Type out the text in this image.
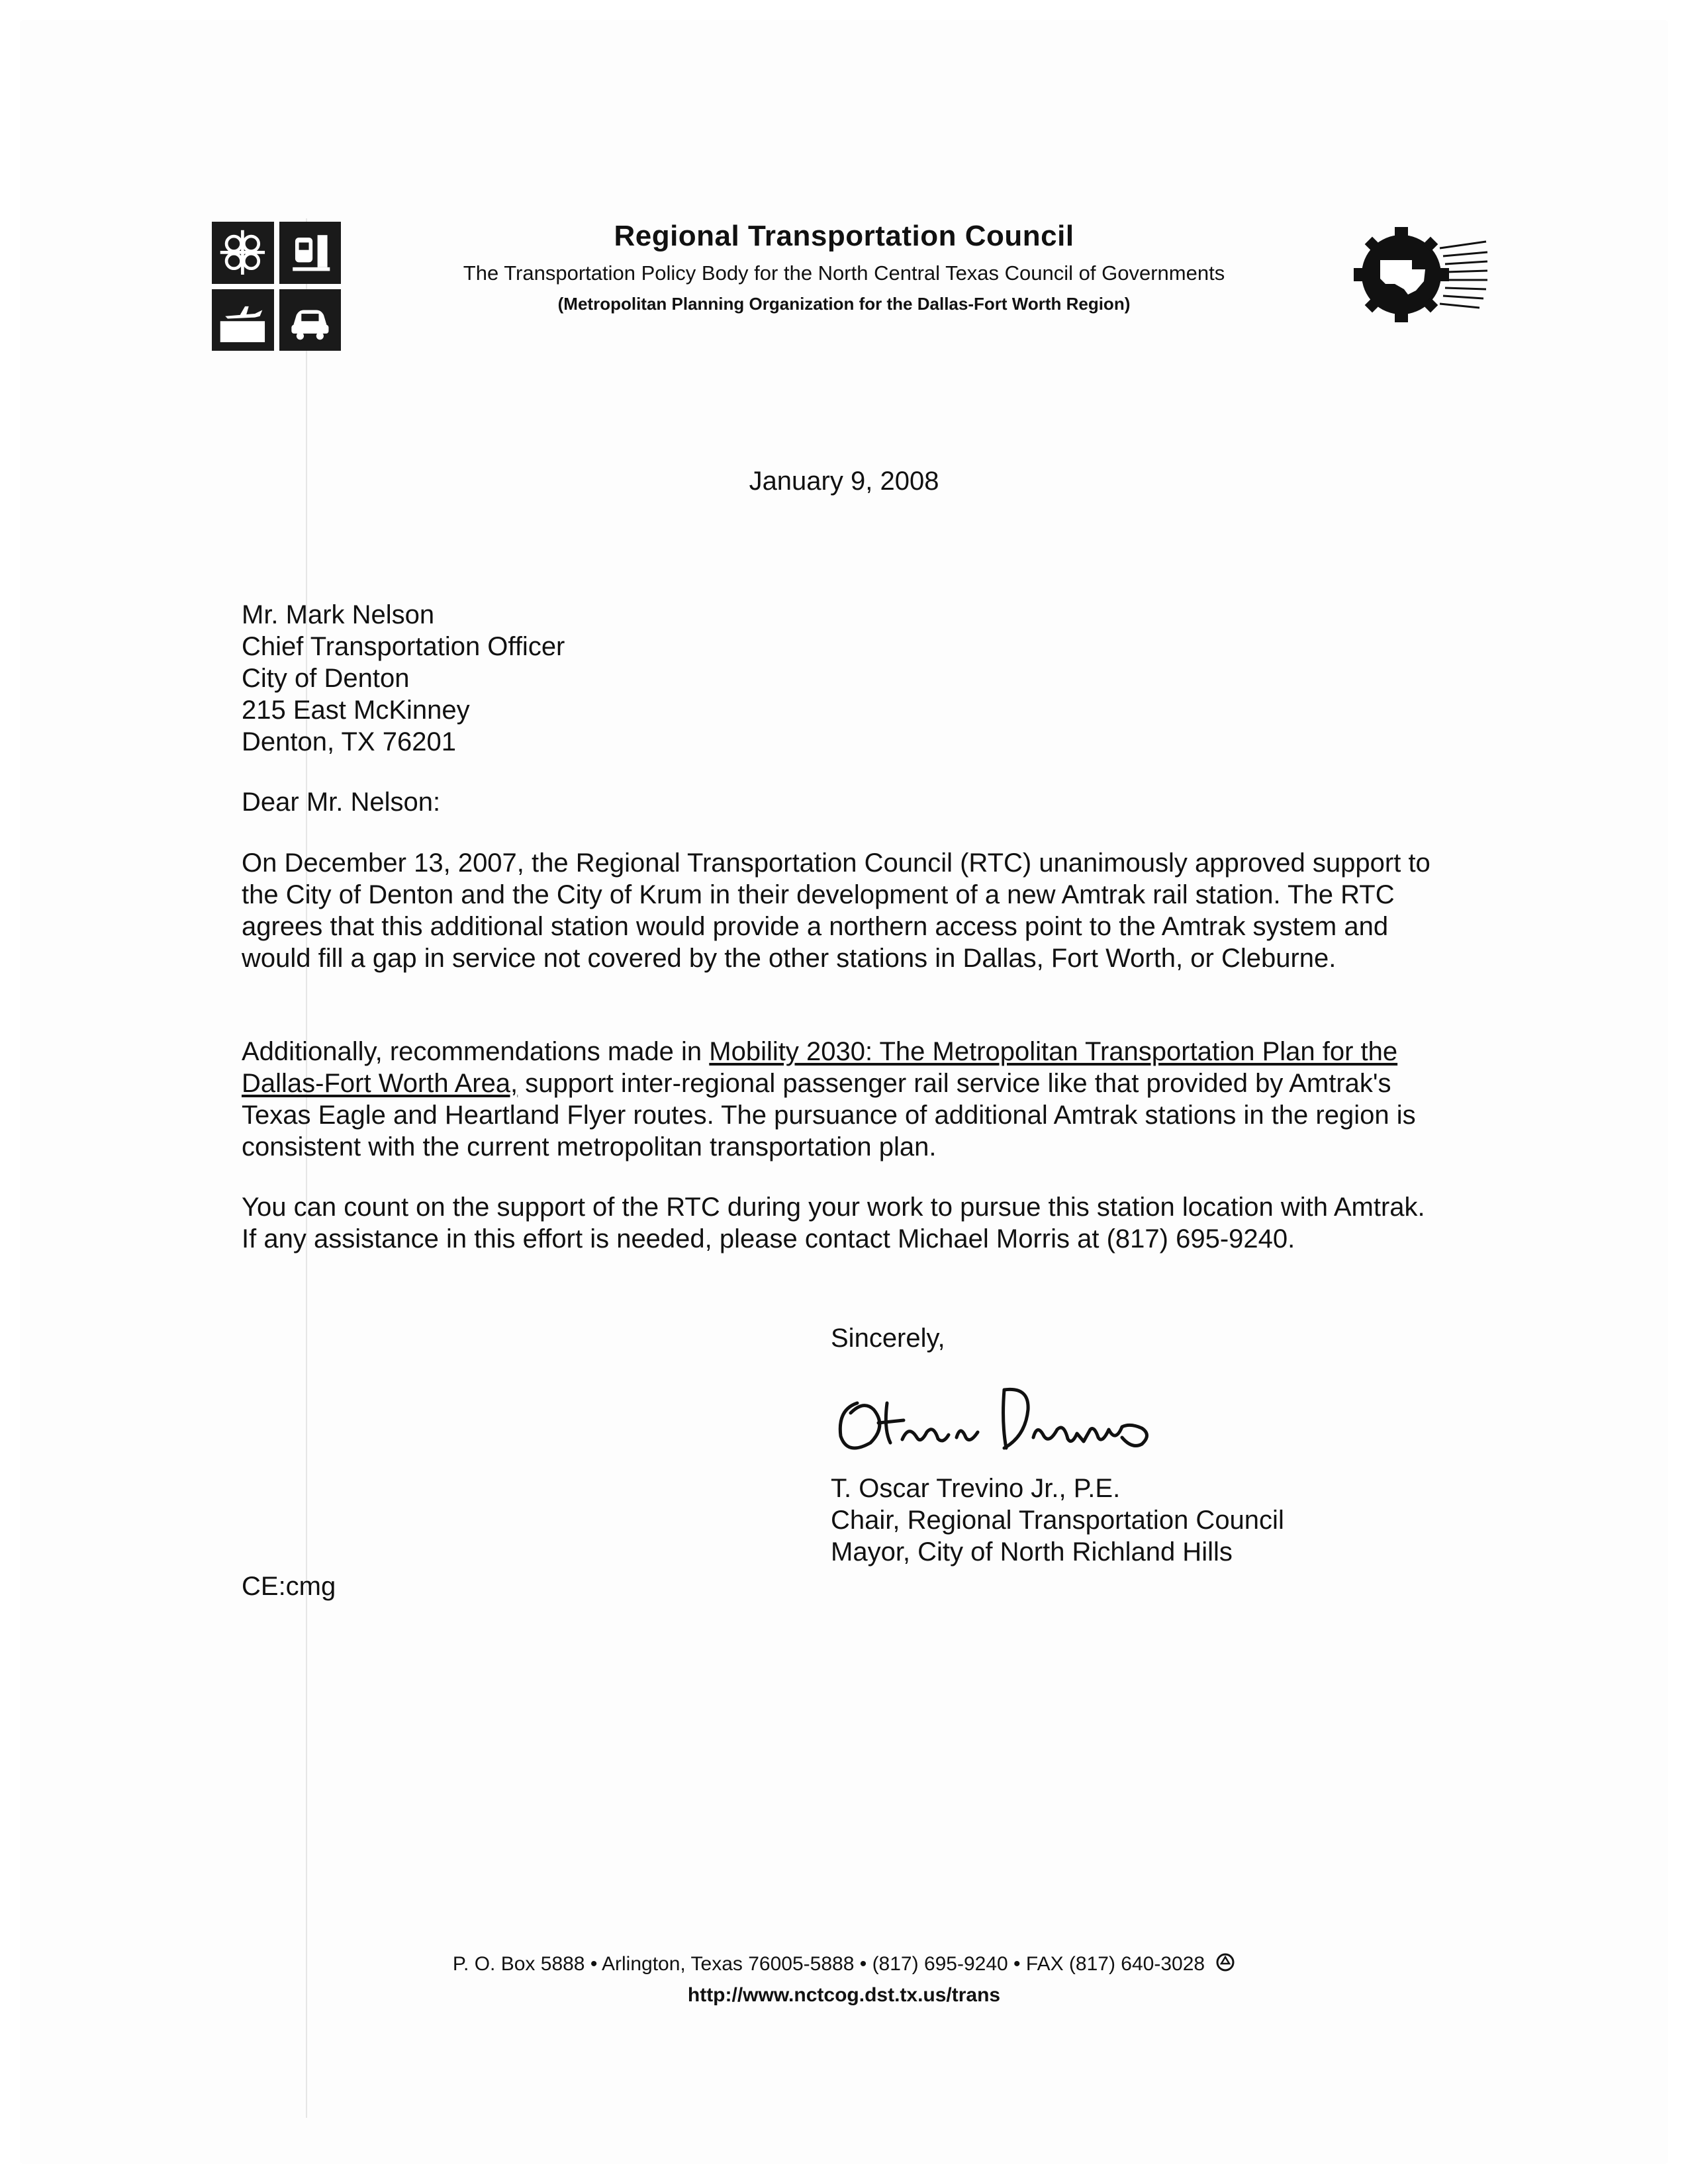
Regional Transportation Council
The Transportation Policy Body for the North Central Texas Council of Governments
(Metropolitan Planning Organization for the Dallas-Fort Worth Region)
January 9, 2008
Mr. Mark Nelson
Chief Transportation Officer
City of Denton
215 East McKinney
Denton, TX 76201
Dear Mr. Nelson:
On December 13, 2007, the Regional Transportation Council (RTC) unanimously approved support to the City of Denton and the City of Krum in their development of a new Amtrak rail station. The RTC agrees that this additional station would provide a northern access point to the Amtrak system and would fill a gap in service not covered by the other stations in Dallas, Fort Worth, or Cleburne.
Additionally, recommendations made in Mobility 2030: The Metropolitan Transportation Plan for the Dallas-Fort Worth Area, support inter-regional passenger rail service like that provided by Amtrak's Texas Eagle and Heartland Flyer routes. The pursuance of additional Amtrak stations in the region is consistent with the current metropolitan transportation plan.
You can count on the support of the RTC during your work to pursue this station location with Amtrak. If any assistance in this effort is needed, please contact Michael Morris at (817) 695-9240.
Sincerely,
T. Oscar Trevino Jr., P.E.
Chair, Regional Transportation Council
Mayor, City of North Richland Hills
CE:cmg
P. O. Box 5888 • Arlington, Texas 76005-5888 • (817) 695-9240 • FAX (817) 640-3028
http://www.nctcog.dst.tx.us/trans
